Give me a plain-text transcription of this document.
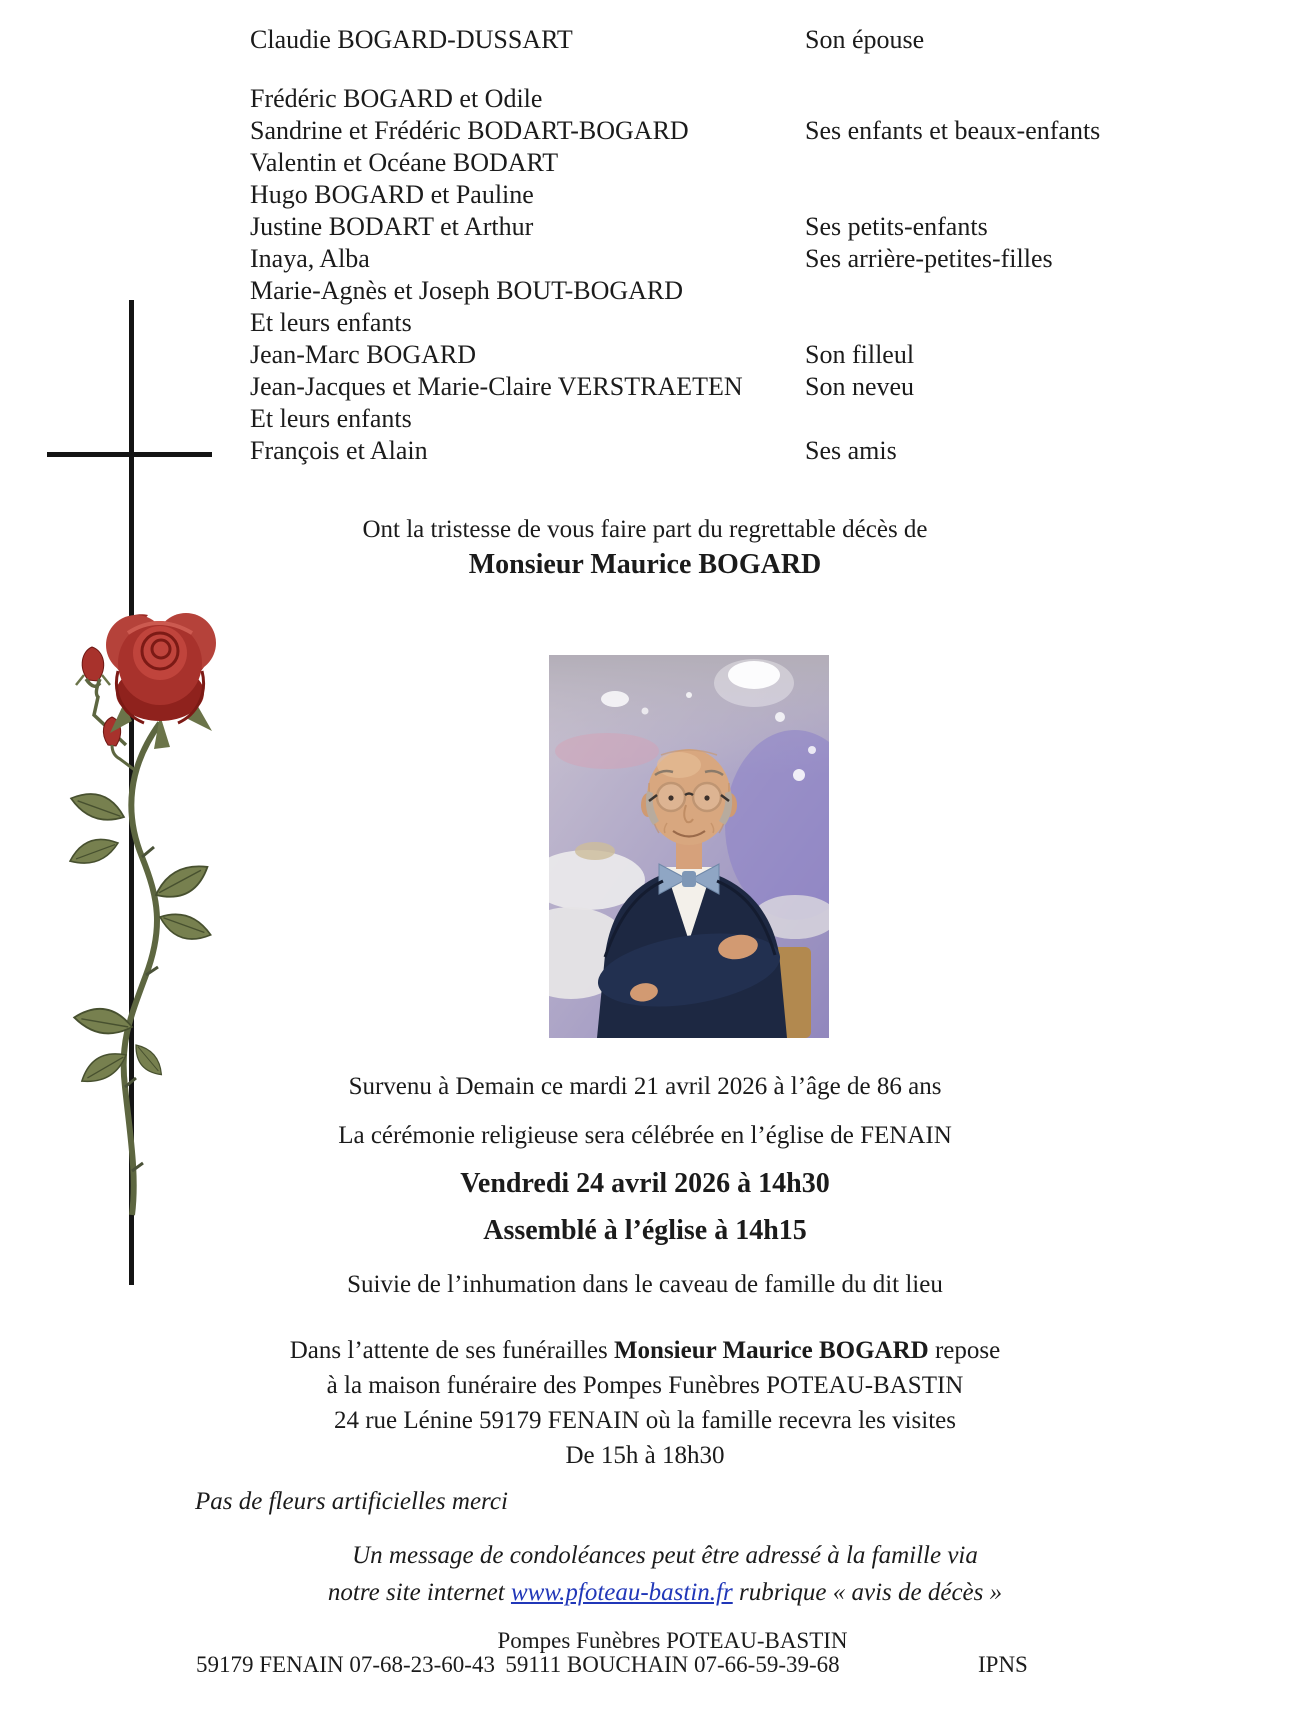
Claudie BOGARD-DUSSART	Son épouse
Frédéric BOGARD et Odile
Sandrine et Frédéric BODART-BOGARD	Ses enfants et beaux-enfants
Valentin et Océane BODART
Hugo BOGARD et Pauline
Justine BODART et Arthur	Ses petits-enfants
Inaya, Alba	Ses arrière-petites-filles
Marie-Agnès et Joseph BOUT-BOGARD
Et leurs enfants
Jean-Marc BOGARD	Son filleul
Jean-Jacques et Marie-Claire VERSTRAETEN Son neveu
Et leurs enfants
François et Alain	Ses amis
Ont la tristesse de vous faire part du regrettable décès de
Monsieur Maurice BOGARD
Survenu à Demain ce mardi 21 avril 2026 à l’âge de 86 ans
La cérémonie religieuse sera célébrée en l’église de FENAIN
Vendredi 24 avril 2026 à 14h30
Assemblé à l’église à 14h15
Suivie de l’inhumation dans le caveau de famille du dit lieu
Dans l’attente de ses funérailles Monsieur Maurice BOGARD repose
à la maison funéraire des Pompes Funèbres POTEAU-BASTIN
24 rue Lénine 59179 FENAIN où la famille recevra les visites
De 15h à 18h30
Pas de fleurs artificielles merci
Un message de condoléances peut être adressé à la famille via
notre site internet www.pfoteau-bastin.fr rubrique « avis de décès »
Pompes Funèbres POTEAU-BASTIN
59179 FENAIN 07-68-23-60-43 59111 BOUCHAIN 07-66-59-39-68	IPNS
